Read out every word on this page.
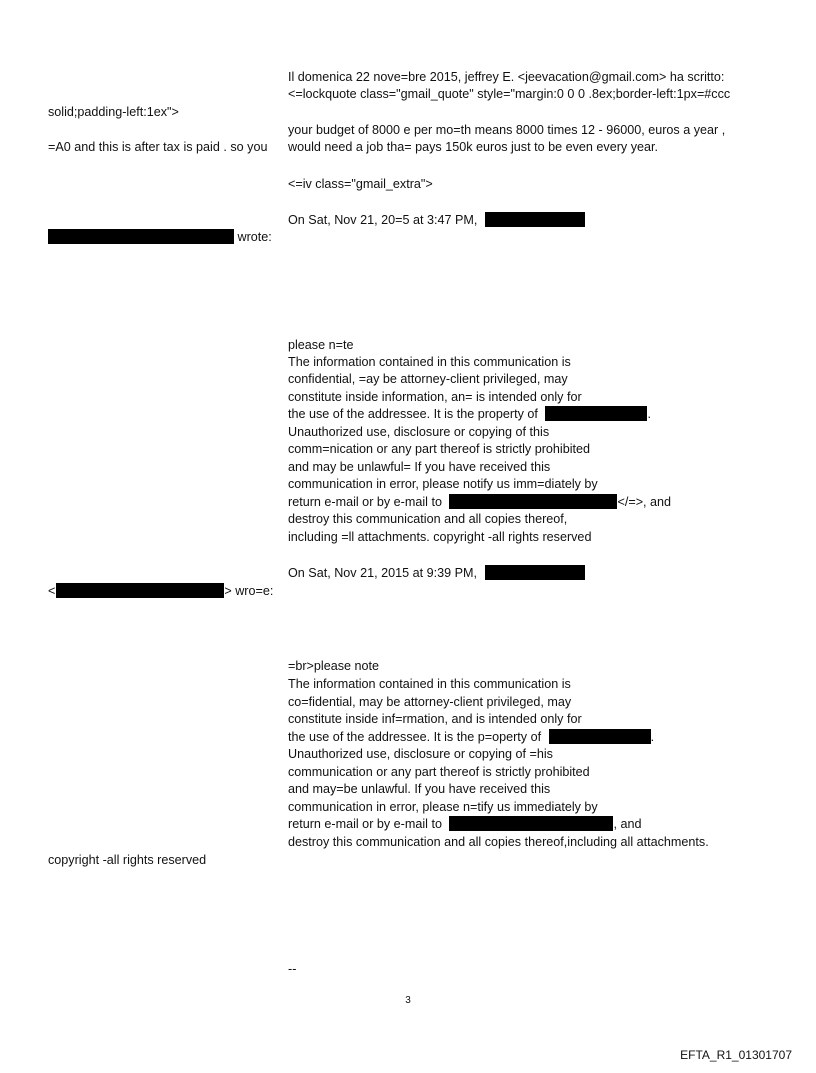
Il domenica 22 nove=bre 2015, jeffrey E. <jeevacation@gmail.com> ha scritto:
<=lockquote class="gmail_quote" style="margin:0 0 0 .8ex;border-left:1px=#ccc
solid;padding-left:1ex">
your budget of 8000 e per mo=th means 8000 times 12 - 96000, euros a year ,
=A0 and this is after tax is paid . so you would need a job tha= pays 150k euros just to be even every year.
<=iv class="gmail_extra">
On Sat, Nov 21, 20=5 at 3:47 PM,
wrote:
please n=te
The information contained in this communication is
confidential, =ay be attorney-client privileged, may
constitute inside information, an= is intended only for
the use of the addressee. It is the property of	.
Unauthorized use, disclosure or copying of this
comm=nication or any part thereof is strictly prohibited
and may be unlawful= If you have received this
communication in error, please notify us imm=diately by
return e-mail or by e-mail to	</=>, and
destroy this communication and all copies thereof,
including =ll attachments. copyright -all rights reserved
On Sat, Nov 21, 2015 at 9:39 PM,
<	> wro=e:
=br>please note
The information contained in this communication is
co=fidential, may be attorney-client privileged, may
constitute inside inf=rmation, and is intended only for
the use of the addressee. It is the p=operty of	.
Unauthorized use, disclosure or copying of =his
communication or any part thereof is strictly prohibited
and may=be unlawful. If you have received this
communication in error, please n=tify us immediately by
return e-mail or by e-mail to	, and
destroy this communication and all copies thereof,including all attachments.
copyright -all rights reserved
--
3
EFTA_R1_01301707
